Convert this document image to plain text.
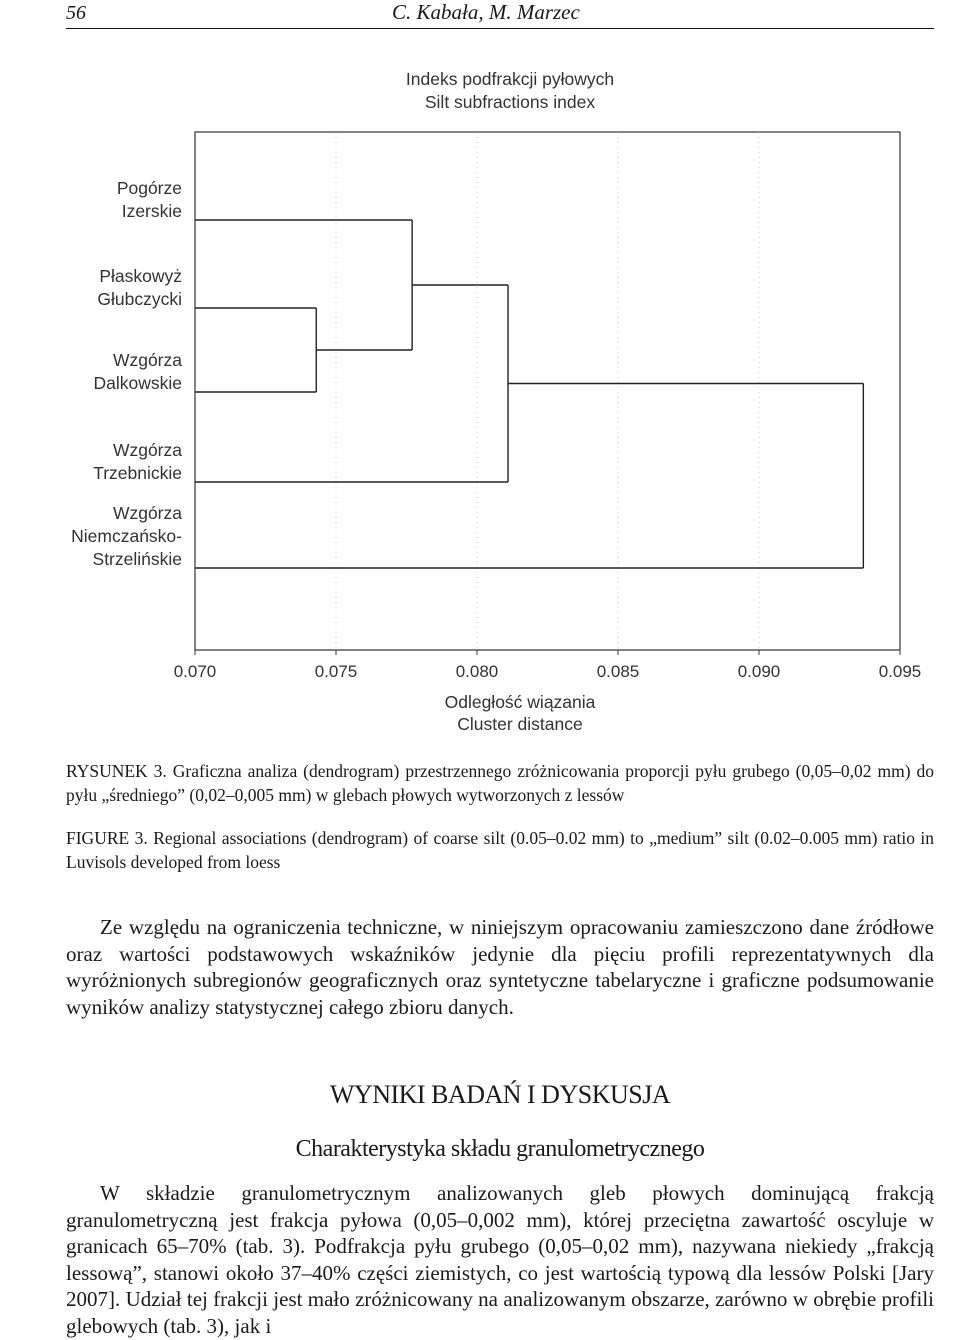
56	C. Kabała, M. Marzec
Indeks podfrakcji pyłowych
Silt subfractions index
0.070	0.075	0.080	0.085	0.090	0.095
Pogórze
Izerskie
Płaskowyż
Głubczycki
Wzgórza
Dalkowskie
Wzgórza
Trzebnickie
Wzgórza
Niemczańsko-
Strzelińskie
Odległość wiązania
Cluster distance
RYSUNEK 3. Graficzna analiza (dendrogram) przestrzennego zróżnicowania proporcji pyłu grubego (0,05–0,02 mm) do pyłu „średniego” (0,02–0,005 mm) w glebach płowych wytworzonych z lessów
FIGURE 3. Regional associations (dendrogram) of coarse silt (0.05–0.02 mm) to „medium” silt (0.02–0.005 mm) ratio in Luvisols developed from loess
Ze względu na ograniczenia techniczne, w niniejszym opracowaniu zamieszczono dane źródłowe oraz wartości podstawowych wskaźników jedynie dla pięciu profili reprezentatywnych dla wyróżnionych subregionów geograficznych oraz syntetyczne tabelaryczne i graficzne podsumowanie wyników analizy statystycznej całego zbioru danych.
WYNIKI BADAŃ I DYSKUSJA
Charakterystyka składu granulometrycznego
W składzie granulometrycznym analizowanych gleb płowych dominującą frakcją granulometryczną jest frakcja pyłowa (0,05–0,002 mm), której przeciętna zawartość oscyluje w granicach 65–70% (tab. 3). Podfrakcja pyłu grubego (0,05–0,02 mm), nazywana niekiedy „frakcją lessową”, stanowi około 37–40% części ziemistych, co jest wartością typową dla lessów Polski [Jary 2007]. Udział tej frakcji jest mało zróżnicowany na analizowanym obszarze, zarówno w obrębie profili glebowych (tab. 3), jak i
